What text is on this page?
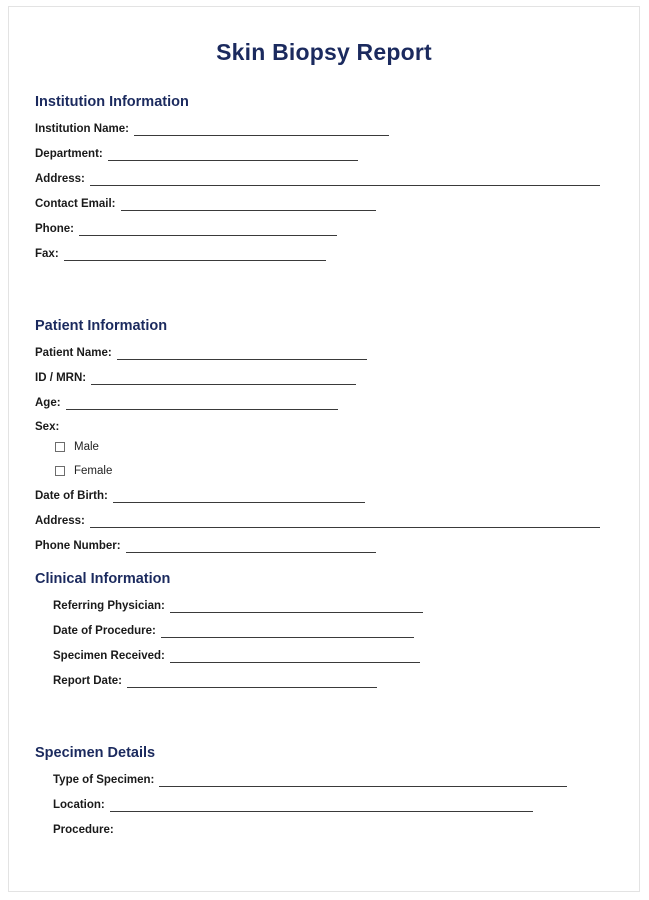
Skin Biopsy Report
Institution Information
Institution Name:
Department:
Address:
Contact Email:
Phone:
Fax:
Patient Information
Patient Name:
ID / MRN:
Age:
Sex:
Male
Female
Date of Birth:
Address:
Phone Number:
Clinical Information
Referring Physician:
Date of Procedure:
Specimen Received:
Report Date:
Specimen Details
Type of Specimen:
Location:
Procedure:
